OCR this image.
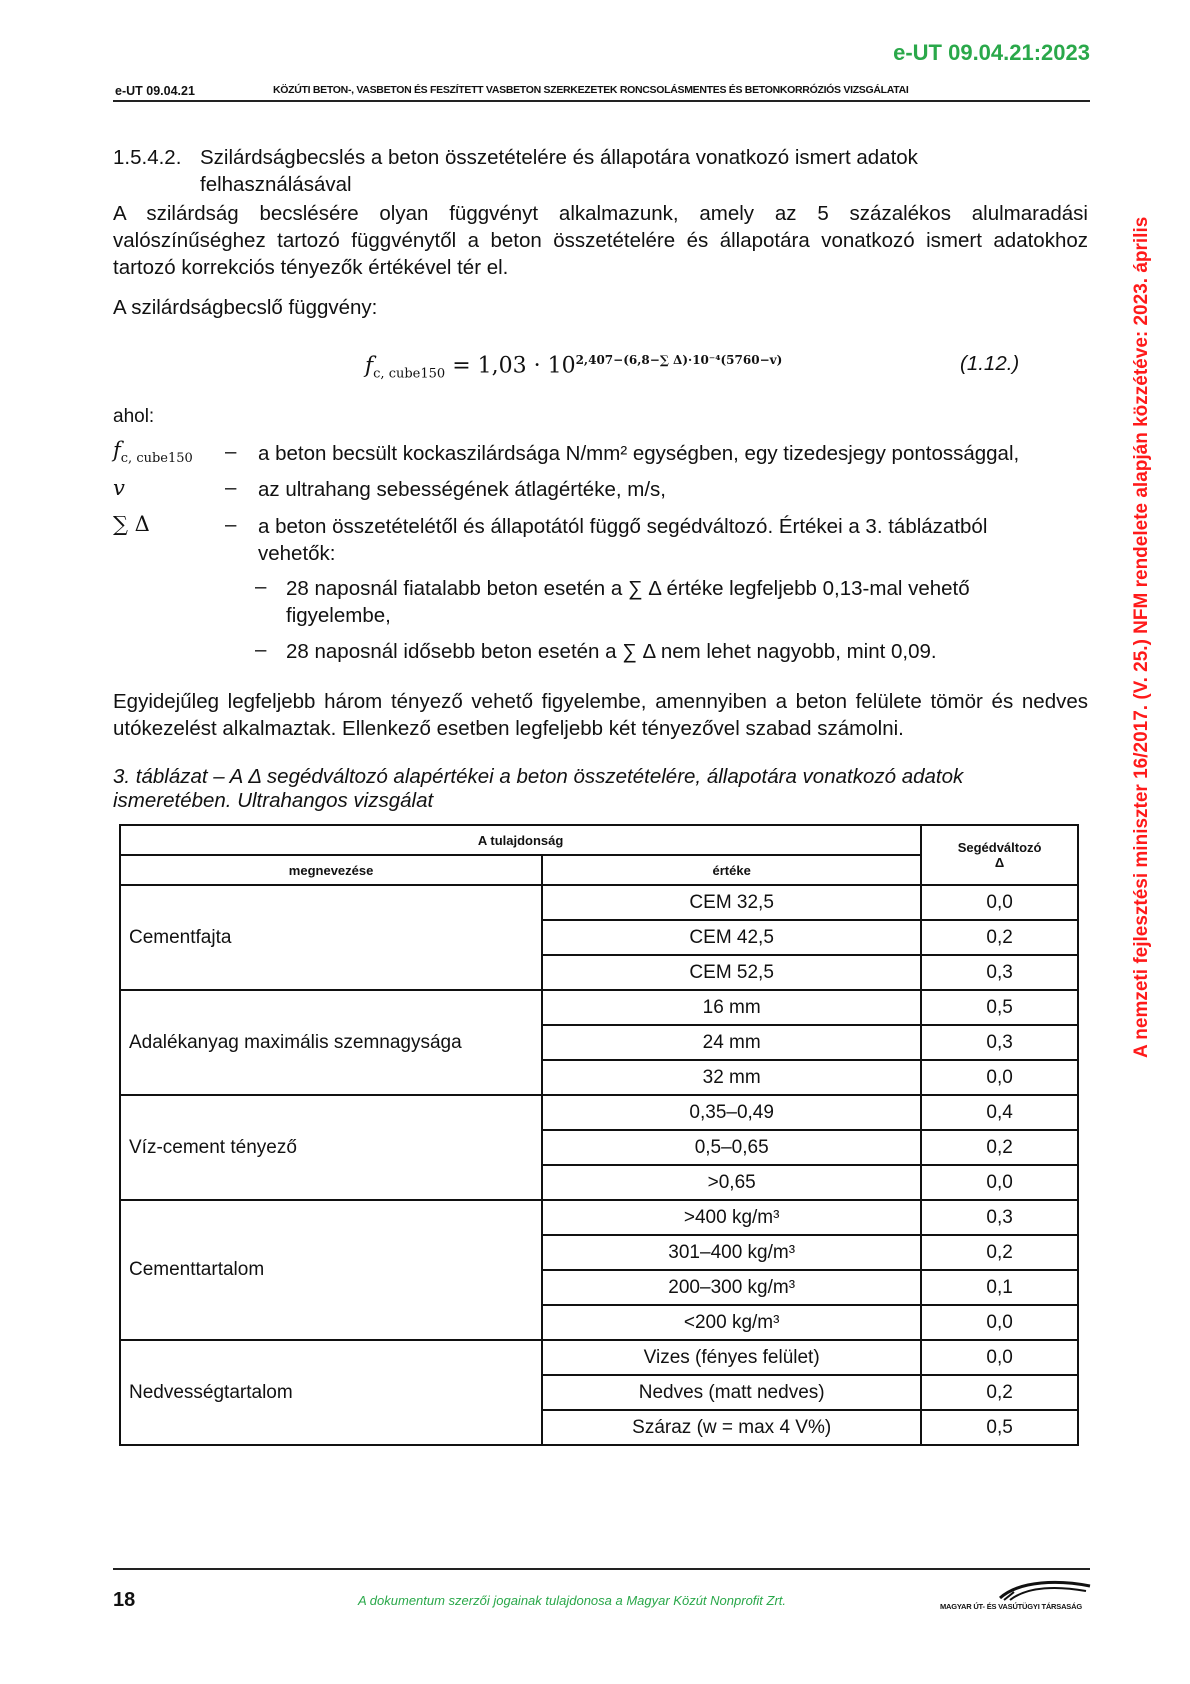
e-UT 09.04.21:2023
e-UT 09.04.21	KÖZÚTI BETON-, VASBETON ÉS FESZÍTETT VASBETON SZERKEZETEK RONCSOLÁSMENTES ÉS BETONKORRÓZIÓS VIZSGÁLATAI
A nemzeti fejlesztési miniszter 16/2017. (V. 25.) NFM rendelete alapján közzétéve: 2023. április
1.5.4.2. Szilárdságbecslés a beton összetételére és állapotára vonatkozó ismert adatok felhasználásával
A szilárdság becslésére olyan függvényt alkalmazunk, amely az 5 százalékos alulmaradási valószínűséghez tartozó függvénytől a beton összetételére és állapotára vonatkozó ismert adatokhoz tartozó korrekciós tényezők értékével tér el.
A szilárdságbecslő függvény:
$f_{c, cube150} = 1,03 \cdot 10^{2,407-(6,8-\sum \Delta)\cdot 10^{-4}(5760-v)}$	(1.12.)
ahol:
$f_{c, cube150}$ – a beton becsült kockaszilárdsága N/mm² egységben, egy tizedesjegy pontossággal,
v	– az ultrahang sebességének átlagértéke, m/s,
∑ Δ	– a beton összetételétől és állapotától függő segédváltozó. Értékei a 3. táblázatból vehetők:
– 28 naposnál fiatalabb beton esetén a ∑ Δ értéke legfeljebb 0,13-mal vehető figyelembe,
– 28 naposnál idősebb beton esetén a ∑ Δ nem lehet nagyobb, mint 0,09.
Egyidejűleg legfeljebb három tényező vehető figyelembe, amennyiben a beton felülete tömör és nedves utókezelést alkalmaztak. Ellenkező esetben legfeljebb két tényezővel szabad számolni.
3. táblázat – A Δ segédváltozó alapértékei a beton összetételére, állapotára vonatkozó adatok ismeretében. Ultrahangos vizsgálat
A tulajdonság		Segédváltozó
Δ

megnevezése	értéke	
Cementfajta	CEM 32,5	0,0
	CEM 42,5	0,2
	CEM 52,5	0,3
Adalékanyag maximális szemnagysága	16 mm	0,5
	24 mm	0,3
	32 mm	0,0
Víz-cement tényező	0,35–0,49	0,4
	0,5–0,65	0,2
	>0,65	0,0
Cementtartalom	>400 kg/m³	0,3
	301–400 kg/m³	0,2
	200–300 kg/m³	0,1
	<200 kg/m³	0,0
Nedvességtartalom	Vizes (fényes felület)	0,0
	Nedves (matt nedves)	0,2
	Száraz (w = max 4 V%)	0,5
18	A dokumentum szerzői jogainak tulajdonosa a Magyar Közút Nonprofit Zrt.	MAGYAR ÚT- ÉS VASÚTÜGYI TÁRSASÁG
